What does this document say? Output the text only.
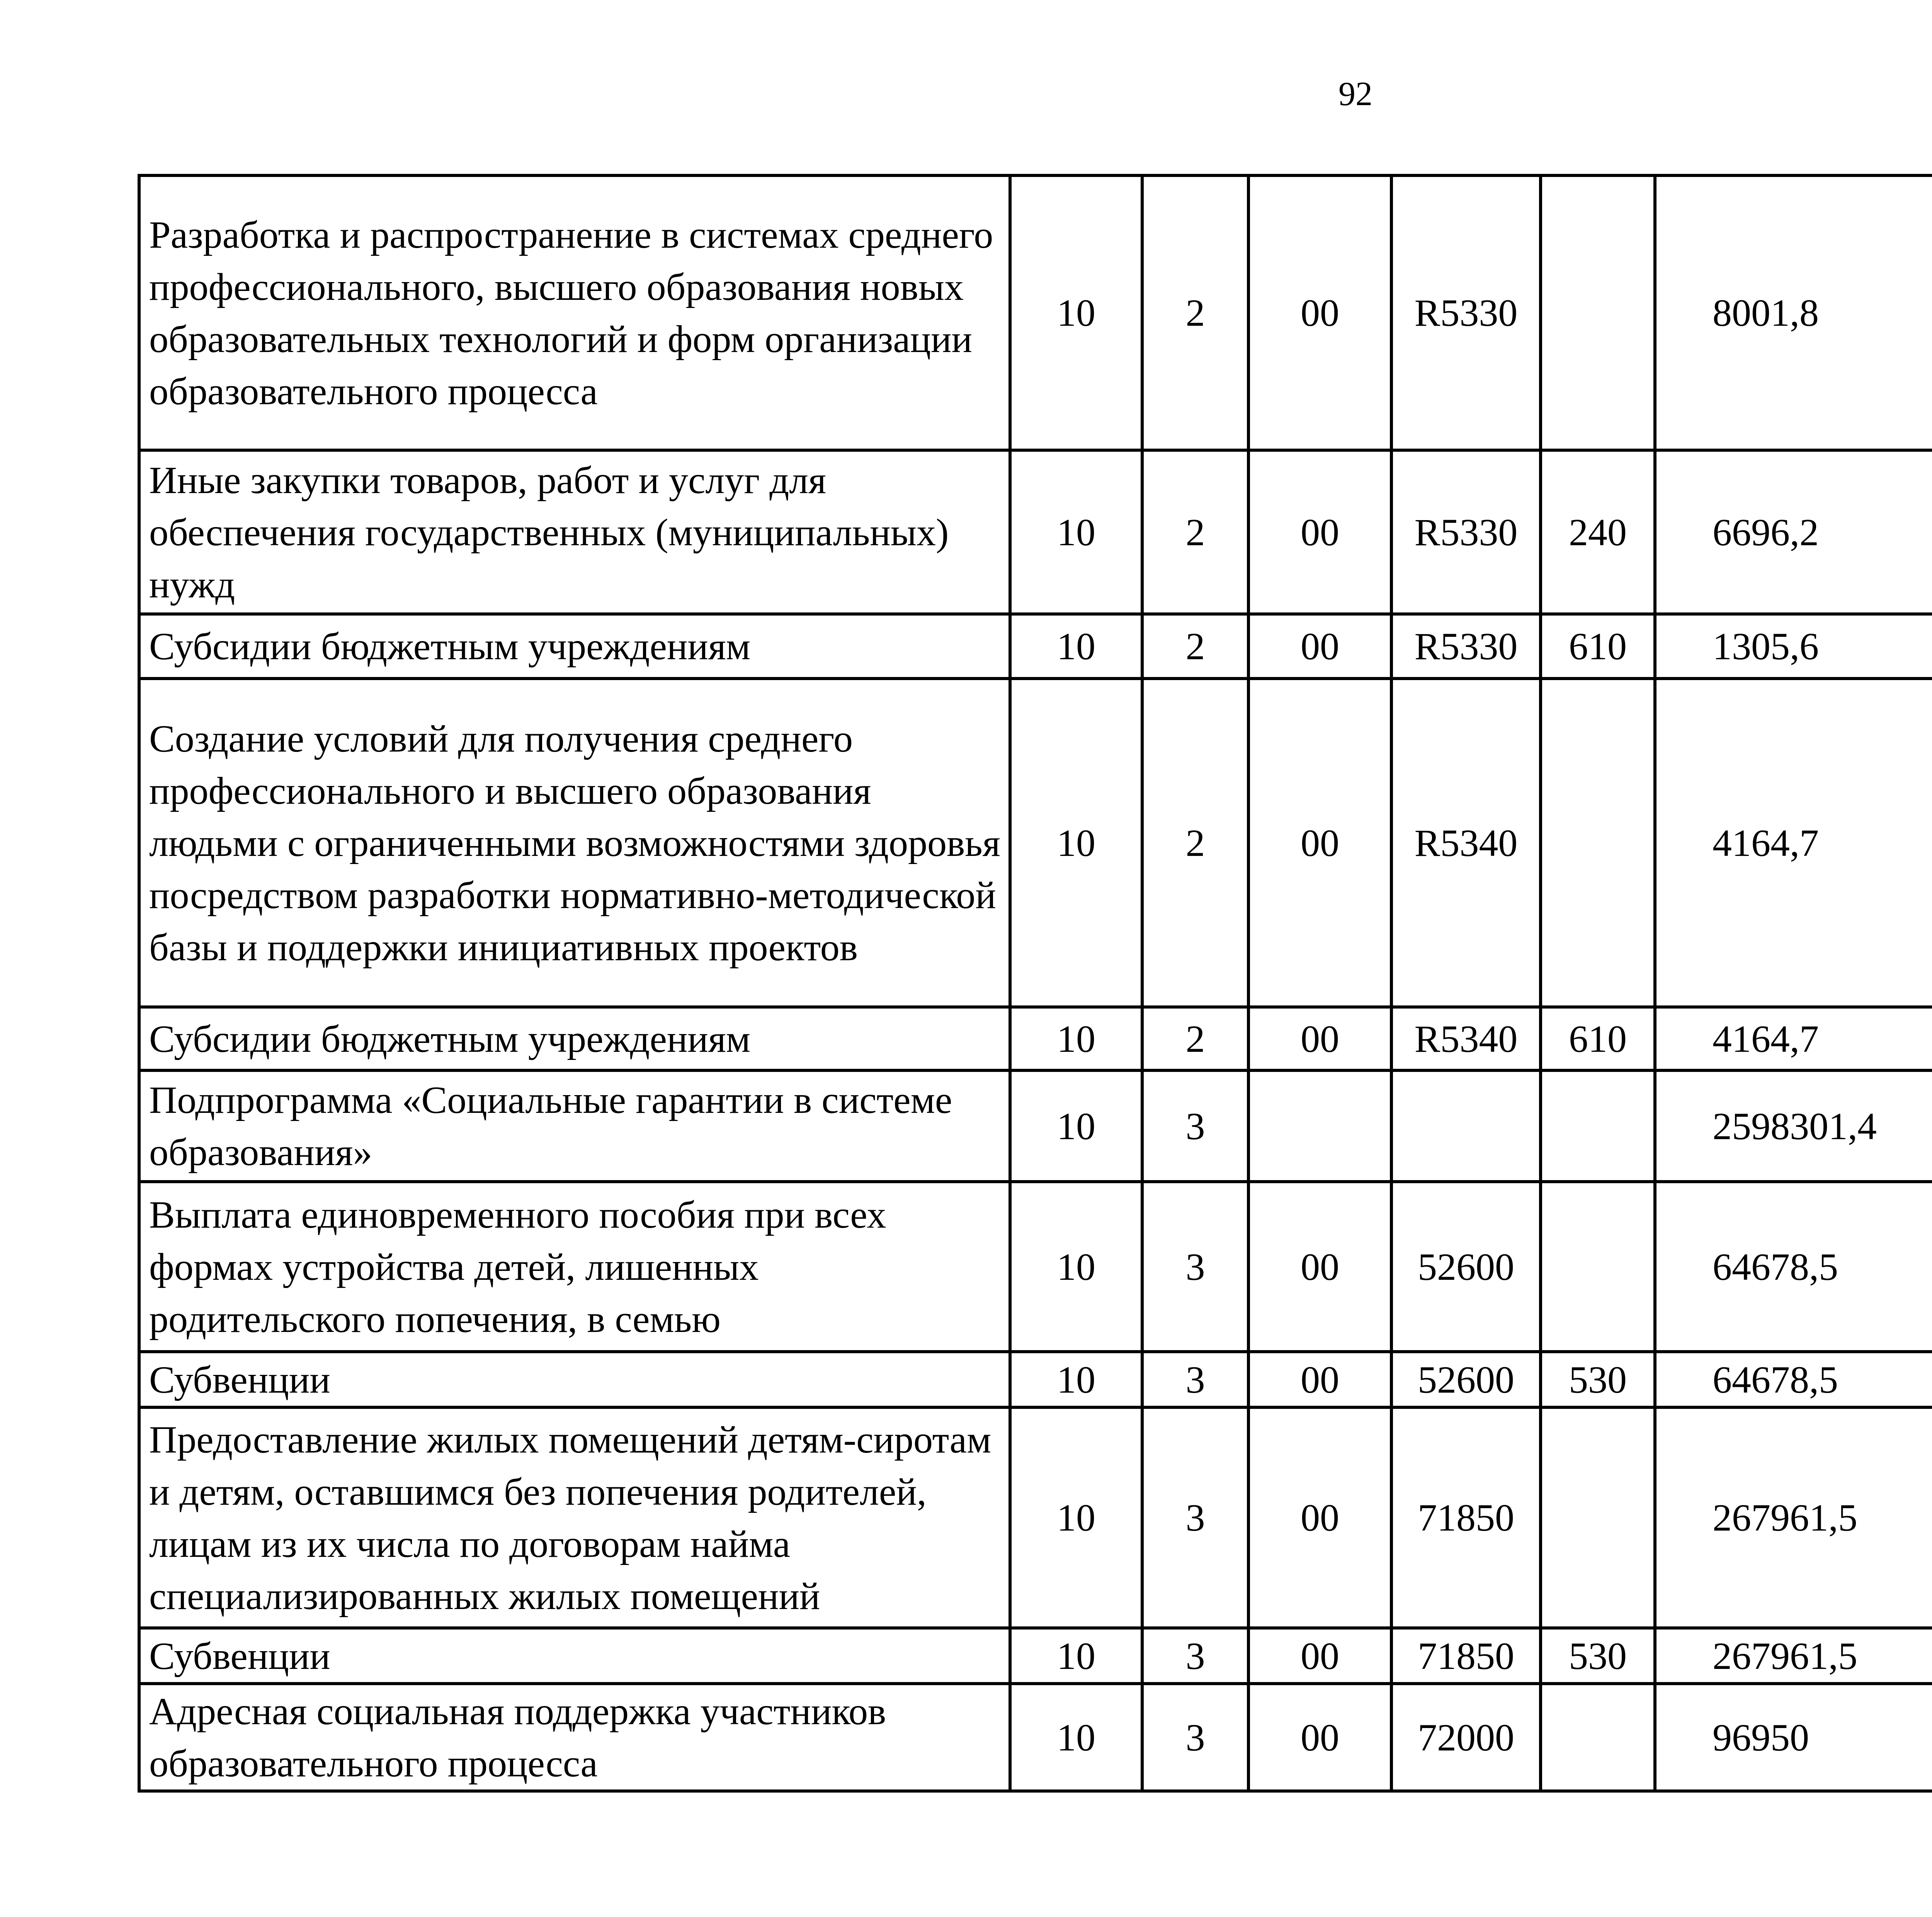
92
Разработка и распространение в системах среднего профессионального, высшего образования новых образовательных технологий и форм организации образовательного процесса	10	2	00	R5330		8001,8		
Иные закупки товаров, работ и услуг для обеспечения государственных (муниципальных) нужд	10	2	00	R5330	240	6696,2		
Субсидии бюджетным учреждениям	10	2	00	R5330	610	1305,6		
Создание условий для получения среднего профессионального и высшего образования людьми с ограниченными возможностями здоровья посредством разработки нормативно-методической базы и поддержки инициативных проектов	10	2	00	R5340		4164,7		
Субсидии бюджетным учреждениям	10	2	00	R5340	610	4164,7		
Подпрограмма «Социальные гарантии в системе образования»	10	3				2598301,4		
Выплата единовременного пособия при всех формах устройства детей, лишенных родительского попечения, в семью	10	3	00	52600		64678,5		
Субвенции	10	3	00	52600	530	64678,5		
Предоставление жилых помещений детям-сиротам и детям, оставшимся без попечения родителей, лицам из их числа по договорам найма специализированных жилых помещений	10	3	00	71850		267961,5		
Субвенции	10	3	00	71850	530	267961,5		
Адресная социальная поддержка участников образовательного процесса	10	3	00	72000		96950		
